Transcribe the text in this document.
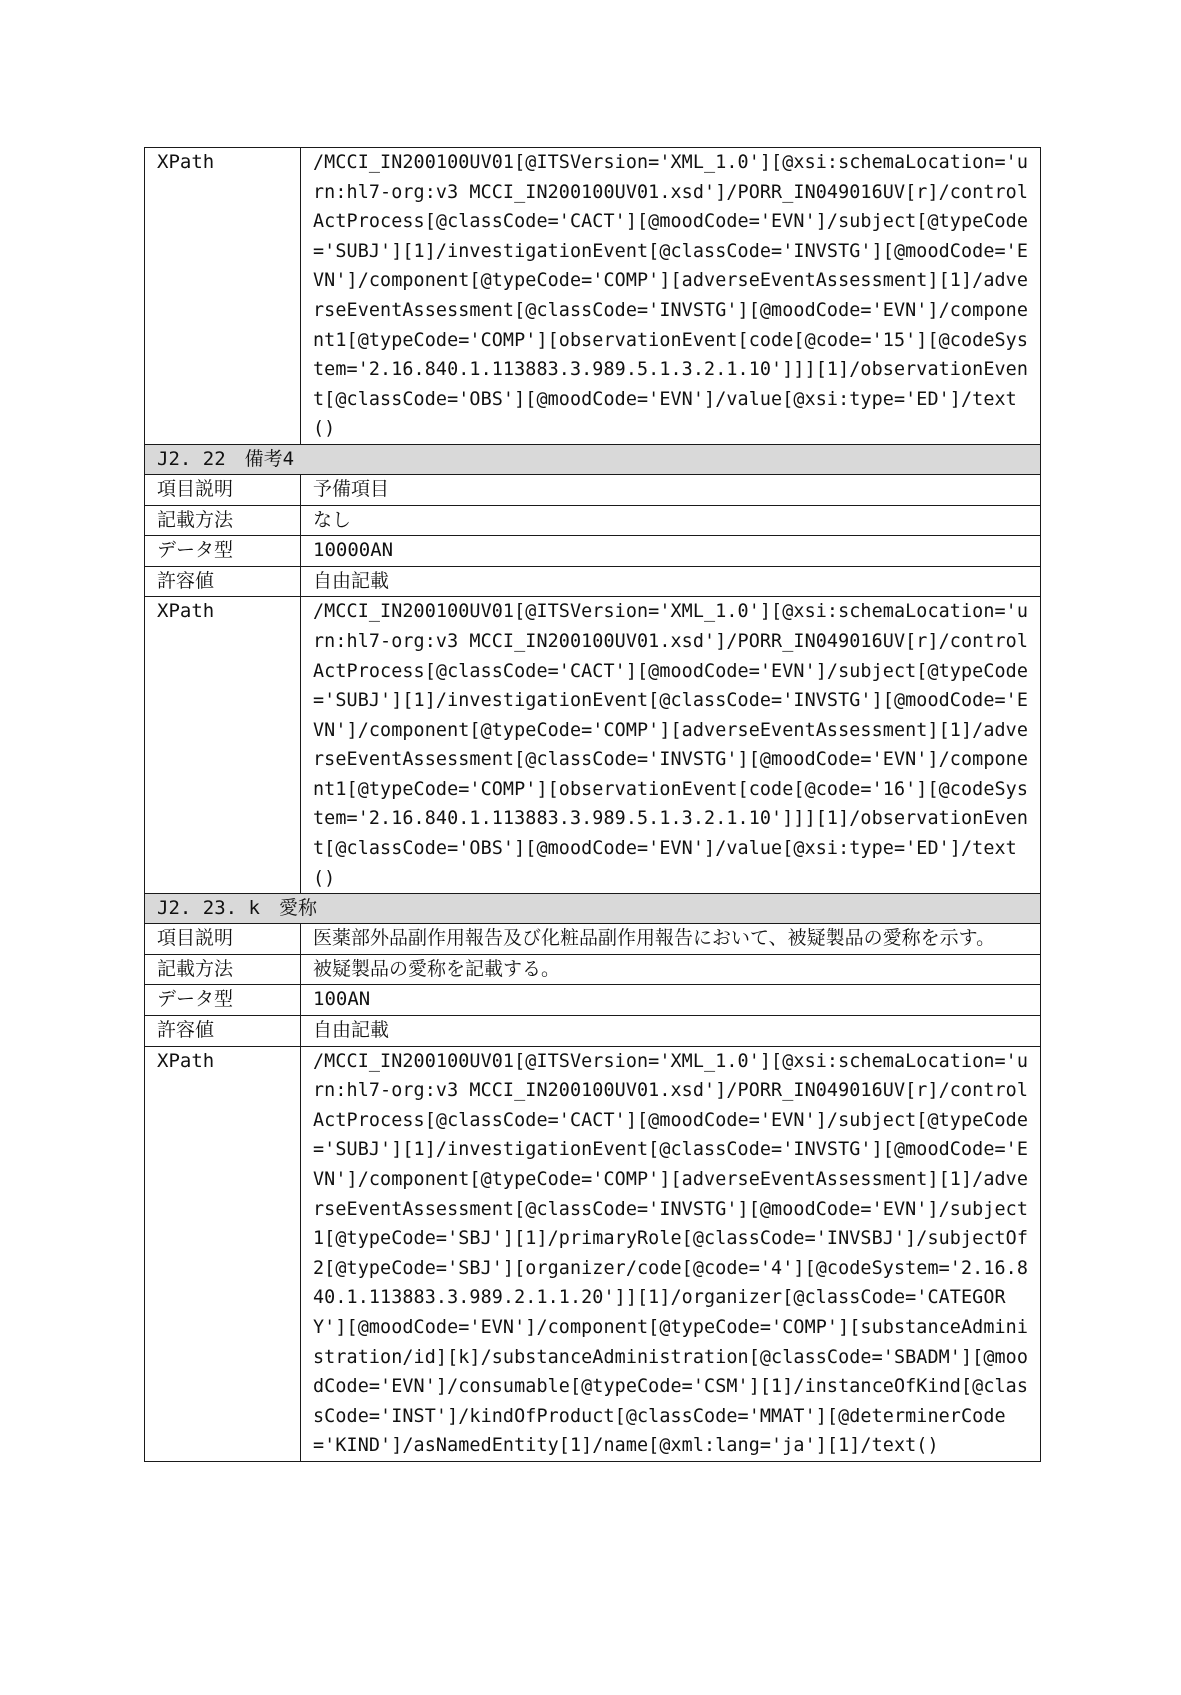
XPath	/MCCI_IN200100UV01[@ITSVersion='XML_1.0'][@xsi:schemaLocation='urn:hl7-org:v3 MCCI_IN200100UV01.xsd']/PORR_IN049016UV[r]/controlActProcess[@classCode='CACT'][@moodCode='EVN']/subject[@typeCode='SUBJ'][1]/investigationEvent[@classCode='INVSTG'][@moodCode='EVN']/component[@typeCode='COMP'][adverseEventAssessment][1]/adverseEventAssessment[@classCode='INVSTG'][@moodCode='EVN']/component1[@typeCode='COMP'][observationEvent[code[@code='15'][@codeSystem='2.16.840.1.113883.3.989.5.1.3.2.1.10']]][1]/observationEvent[@classCode='OBS'][@moodCode='EVN']/value[@xsi:type='ED']/text()
J2. 22　備考4	
項目説明	予備項目
記載方法	なし
データ型	10000AN
許容値	自由記載
XPath	/MCCI_IN200100UV01[@ITSVersion='XML_1.0'][@xsi:schemaLocation='urn:hl7-org:v3 MCCI_IN200100UV01.xsd']/PORR_IN049016UV[r]/controlActProcess[@classCode='CACT'][@moodCode='EVN']/subject[@typeCode='SUBJ'][1]/investigationEvent[@classCode='INVSTG'][@moodCode='EVN']/component[@typeCode='COMP'][adverseEventAssessment][1]/adverseEventAssessment[@classCode='INVSTG'][@moodCode='EVN']/component1[@typeCode='COMP'][observationEvent[code[@code='16'][@codeSystem='2.16.840.1.113883.3.989.5.1.3.2.1.10']]][1]/observationEvent[@classCode='OBS'][@moodCode='EVN']/value[@xsi:type='ED']/text()
J2. 23. k　愛称	
項目説明	医薬部外品副作用報告及び化粧品副作用報告において、被疑製品の愛称を示す。
記載方法	被疑製品の愛称を記載する。
データ型	100AN
許容値	自由記載
XPath	/MCCI_IN200100UV01[@ITSVersion='XML_1.0'][@xsi:schemaLocation='urn:hl7-org:v3 MCCI_IN200100UV01.xsd']/PORR_IN049016UV[r]/controlActProcess[@classCode='CACT'][@moodCode='EVN']/subject[@typeCode='SUBJ'][1]/investigationEvent[@classCode='INVSTG'][@moodCode='EVN']/component[@typeCode='COMP'][adverseEventAssessment][1]/adverseEventAssessment[@classCode='INVSTG'][@moodCode='EVN']/subject1[@typeCode='SBJ'][1]/primaryRole[@classCode='INVSBJ']/subjectOf2[@typeCode='SBJ'][organizer/code[@code='4'][@codeSystem='2.16.840.1.113883.3.989.2.1.1.20']][1]/organizer[@classCode='CATEGORY'][@moodCode='EVN']/component[@typeCode='COMP'][substanceAdministration/id][k]/substanceAdministration[@classCode='SBADM'][@moodCode='EVN']/consumable[@typeCode='CSM'][1]/instanceOfKind[@classCode='INST']/kindOfProduct[@classCode='MMAT'][@determinerCode='KIND']/asNamedEntity[1]/name[@xml:lang='ja'][1]/text()
